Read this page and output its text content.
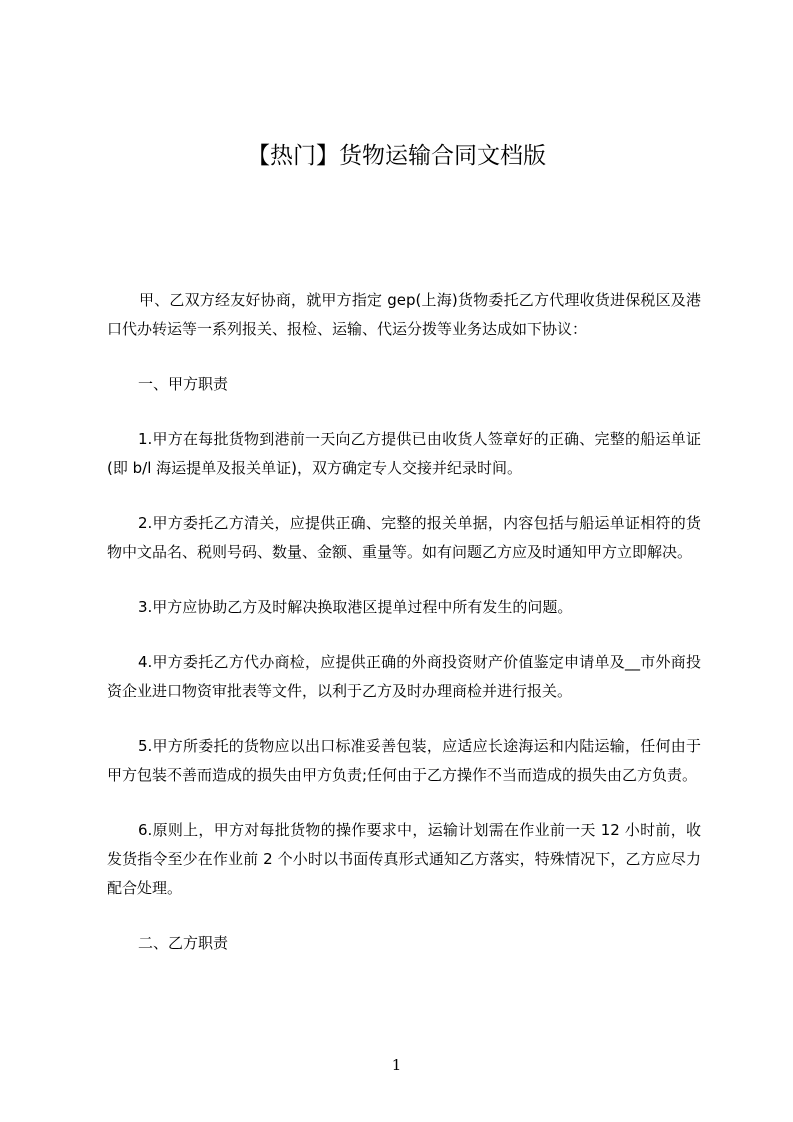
【热门】货物运输合同文档版

甲、乙双方经友好协商，就甲方指定 gep(上海)货物委托乙方代理收货进保税区及港口代办转运等一系列报关、报检、运输、代运分拨等业务达成如下协议：

一、甲方职责

1.甲方在每批货物到港前一天向乙方提供已由收货人签章好的正确、完整的船运单证(即 b/l 海运提单及报关单证)，双方确定专人交接并纪录时间。

2.甲方委托乙方清关，应提供正确、完整的报关单据，内容包括与船运单证相符的货物中文品名、税则号码、数量、金额、重量等。如有问题乙方应及时通知甲方立即解决。

3.甲方应协助乙方及时解决换取港区提单过程中所有发生的问题。

4.甲方委托乙方代办商检，应提供正确的外商投资财产价值鉴定申请单及__市外商投资企业进口物资审批表等文件，以利于乙方及时办理商检并进行报关。

5.甲方所委托的货物应以出口标准妥善包装，应适应长途海运和内陆运输，任何由于甲方包装不善而造成的损失由甲方负责;任何由于乙方操作不当而造成的损失由乙方负责。

6.原则上，甲方对每批货物的操作要求中，运输计划需在作业前一天 12 小时前，收发货指令至少在作业前 2 个小时以书面传真形式通知乙方落实，特殊情况下，乙方应尽力配合处理。

二、乙方职责

1
